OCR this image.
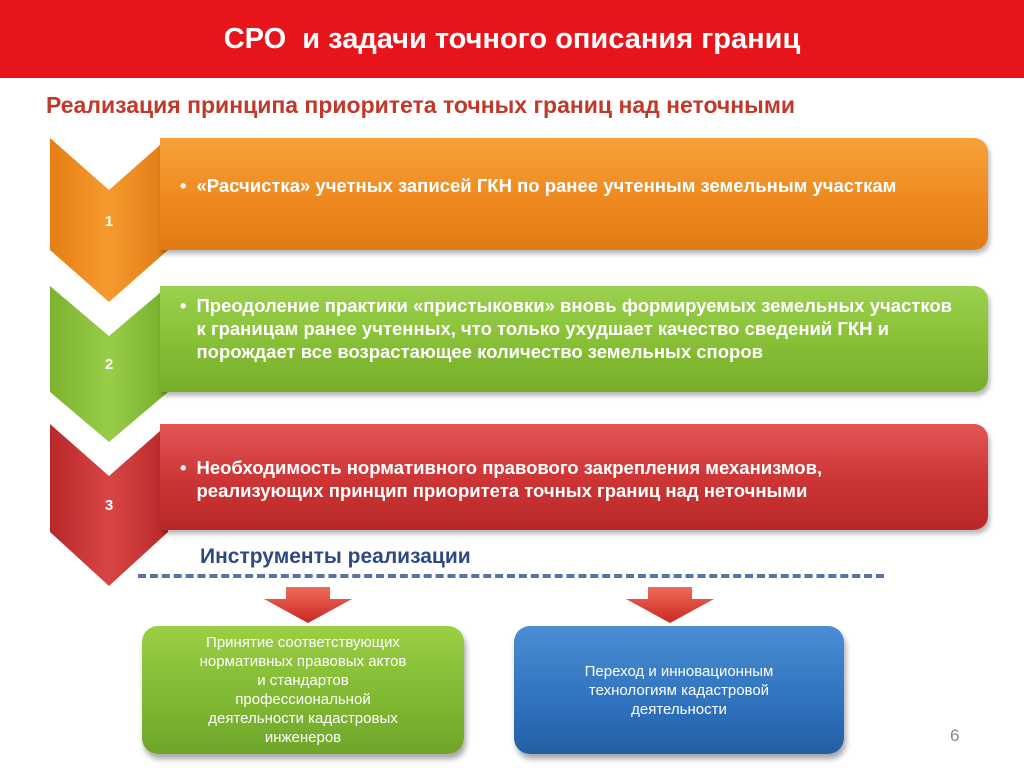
СРО  и задачи точного описания границ
Реализация принципа приоритета точных границ над неточными
1
• «Расчистка» учетных записей ГКН по ранее учтенным земельным участкам
2
• Преодоление практики «пристыковки» вновь формируемых земельных участков к границам ранее учтенных, что только ухудшает качество сведений ГКН и порождает все возрастающее количество земельных споров
3
• Необходимость нормативного правового закрепления механизмов, реализующих принцип приоритета точных границ над неточными
Инструменты реализации
Принятие соответствующих
нормативных правовых актов
и стандартов
профессиональной
деятельности кадастровых
инженеров
Переход и инновационным
технологиям кадастровой
деятельности
6
